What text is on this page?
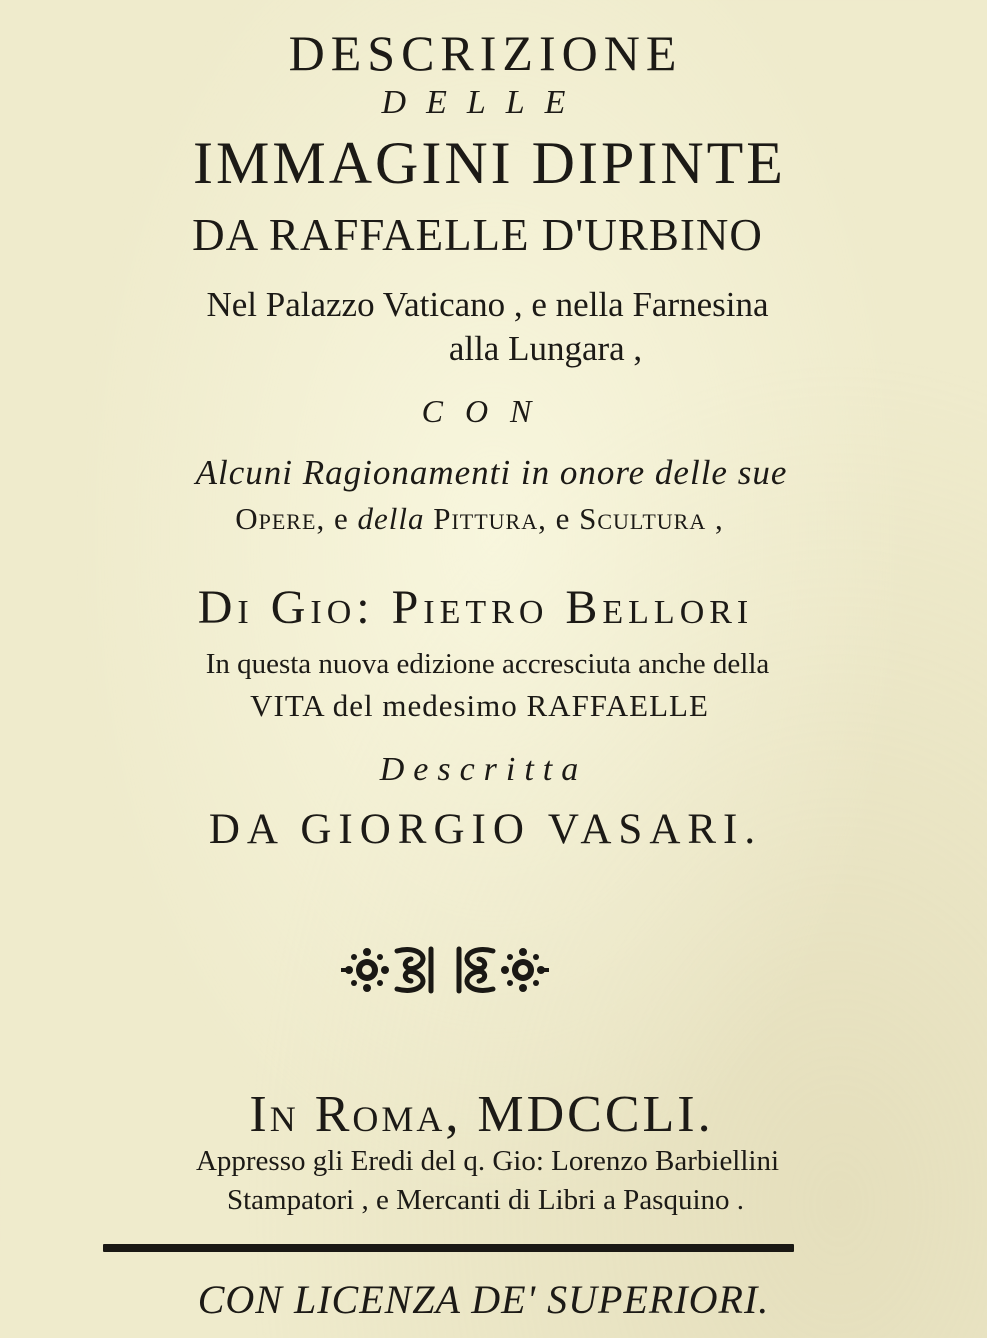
DESCRIZIONE
DELLE
IMMAGINI DIPINTE
DA RAFFAELLE D'URBINO
Nel Palazzo Vaticano , e nella Farnesina
alla Lungara ,
CON
Alcuni Ragionamenti in onore delle sue
Opere, e della Pittura, e Scultura ,
Di Gio: Pietro Bellori
In questa nuova edizione accresciuta anche della
VITA del medesimo RAFFAELLE
Descritta
DA GIORGIO VASARI.
In Roma, MDCCLI.
Appresso gli Eredi del q. Gio: Lorenzo Barbiellini
Stampatori , e Mercanti di Libri a Pasquino .
CON LICENZA DE' SUPERIORI.
